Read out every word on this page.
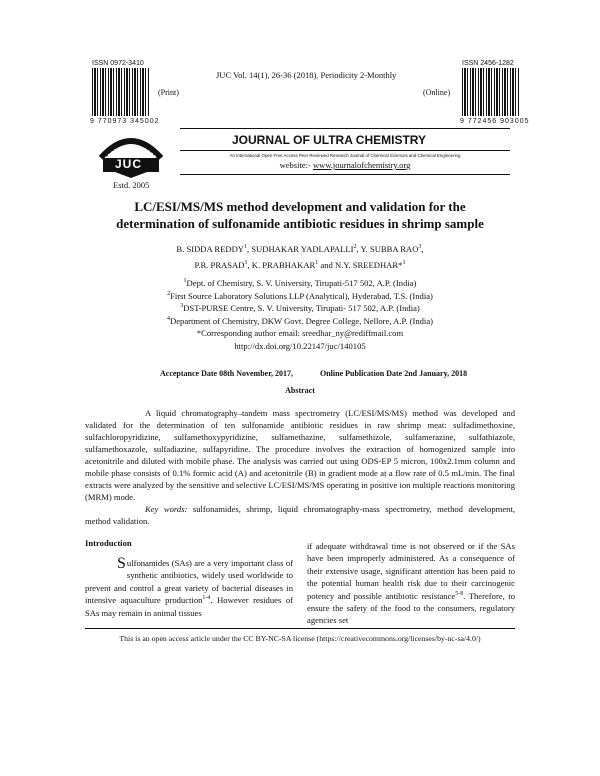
ISSN 0972-3410
9 770973 345002
(Print)
JUC Vol. 14(1), 26-36 (2018). Periodicity 2-Monthly
ISSN 2456-1282
9 772456 903005
(Online)
JUC
Estd. 2005
JOURNAL OF ULTRA CHEMISTRY
An International Open Free Access Peer Reviewed Research Journal of Chemical Sciences and Chemical Engineering
website:- www.journalofchemistry.org
LC/ESI/MS/MS method development and validation for the
determination of sulfonamide antibiotic residues in shrimp sample
B. SIDDA REDDY$^1$, SUDHAKAR YADLAPALLI$^2$, Y. SUBBA RAO$^3$,
P.R. PRASAD$^1$, K. PRABHAKAR$^1$ and N.Y. SREEDHAR*$^1$
$^1$Dept. of Chemistry, S. V. University, Tirupati-517 502, A.P. (India)
$^2$First Source Laboratory Solutions LLP (Analytical), Hyderabad, T.S. (India)
$^3$DST-PURSE Centre, S. V. University, Tirupati- 517 502, A.P. (India)
$^4$Department of Chemistry, DKW Govt. Degree College, Nellore, A.P. (India)
*Corresponding author email: sreedhar_ny@rediffmail.com
http://dx.doi.org/10.22147/juc/140105
Acceptance Date 08th November, 2017,	Online Publication Date 2nd January, 2018
Abstract
A liquid chromatography–tandem mass spectrometry (LC/ESI/MS/MS) method was developed and validated for the determination of ten sulfonamide antibiotic residues in raw shrimp meat: sulfadimethoxine, sulfachloropyridizine, sulfamethoxypyridizine, sulfamethazine, sulfamethizole, sulfamerazine, sulfathiazole, sulfamethoxazole, sulfadiazine, sulfapyridine. The procedure involves the extraction of homogenized sample into acetonitrile and diluted with mobile phase. The analysis was carried out using ODS-EP 5 micron, 100x2.1mm column and mobile phase consists of 0.1% formic acid (A) and acetonitrile (B) in gradient mode at a flow rate of 0.5 mL/min. The final extracts were analyzed by the sensitive and selective LC/ESI/MS/MS operating in positive ion multiple reactions monitoring (MRM) mode.
Key words: sulfonamides, shrimp, liquid chromatography-mass spectrometry, method development, method validation.
Introduction
Sulfonamides (SAs) are a very important class of synthetic antibiotics, widely used worldwide to prevent and control a great variety of bacterial diseases in intensive aquaculture production$^{1-4}$. However residues of SAs may remain in animal tissues
if adequate withdrawal time is not observed or if the SAs have been improperly administered. As a consequence of their extensive usage, significant attention has been paid to the potential human health risk due to their carcinogenic potency and possible antibiotic resistance$^{5-8}$. Therefore, to ensure the safety of the food to the consumers, regulatory agencies set
This is an open access article under the CC BY-NC-SA license (https://creativecommons.org/licenses/by-nc-sa/4.0/)
